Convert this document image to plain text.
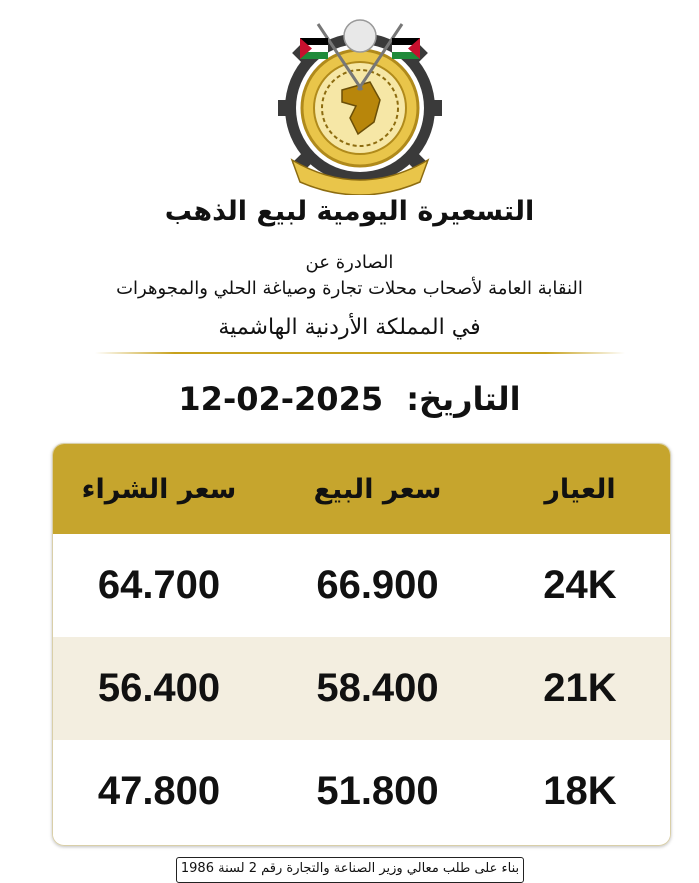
التسعيرة اليومية لبيع الذهب
الصادرة عن
النقابة العامة لأصحاب محلات تجارة وصياغة الحلي والمجوهرات
في المملكة الأردنية الهاشمية
التاريخ: 12-02-2025
العيار
سعر البيع
سعر الشراء
24K
66.900
64.700
21K
58.400
56.400
18K
51.800
47.800
بناء على طلب معالي وزير الصناعة والتجارة رقم 2 لسنة 1986
